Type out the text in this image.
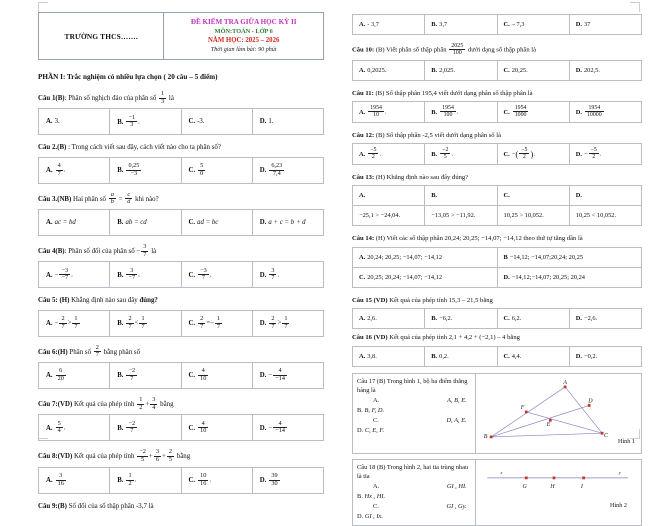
TRƯỜNG THCS…….	
ĐỀ KIỂM TRA GIỮA HỌC KỲ II
MÔN:TOÁN - LỚP 6
NĂM HỌC: 2025 – 2026
Thời gian làm bài: 90 phút
PHẦN I: Trắc nghiệm có nhiều lựa chọn ( 20 câu – 5 điểm)
Câu 1(B): Phân số nghịch đảo của phân số $\frac{1}{3}$ là
A. 3.	B. $\frac{-1}{3}$ .	C. -3.	D. 1.
Câu 2.(B) : Trong cách viết sau đây, cách viết nào cho ta phân số?
A. $\frac{4}{7}$ .	B. $\frac{0,25}{-3}$	C. $\frac{5}{0}$	D. $\frac{6,23}{7,4}$
Câu 3.(NB) Hai phân số $\frac{a}{b} = \frac{c}{d}$ khi nào?
A. ac = bd	B. ab = cd	C. ad = bc	D. a + c = b + d
Câu 4(B): Phân số đối của phân số − $\frac{3}{7}$ là
A. − $\frac{-3}{-7}$ .	B. $\frac{3}{-7}$ .	C. $\frac{-3}{7}$ .	D. $\frac{3}{7}$ .
Câu 5: (H) Khẳng định nào sau đây đúng?
A. − $\frac{2}{7} > \frac{1}{7}$	B. $\frac{2}{7} < \frac{1}{7}$	C. $\frac{2}{7} =- \frac{1}{7}$	D. $\frac{2}{7} > \frac{1}{7}$
Câu 6:(H) Phân số $\frac{2}{7}$ bằng phân số
A. $\frac{6}{20}$	B. $\frac{-2}{7}$	C. $\frac{4}{10}$	D. − $\frac{4}{-14}$
Câu 7:(VD) Kết quả của phép tính $\frac{1}{2} + \frac{3}{4}$ bằng
A. $\frac{5}{4}$ .	B. $\frac{-2}{7}$	C. $\frac{4}{10}$	D. − $\frac{4}{-14}$
Câu 8:(VD) Kết quả của phép tính $\frac{-2}{5} + \frac{3}{6} + \frac{2}{5}$ bằng
A. $\frac{3}{16}$	B. $\frac{1}{2}$ .	C. $\frac{10}{16}$ .	D. $\frac{39}{30}$
Câu 9:(B) Số đối của số thập phân -3,7 là
A. - 3,7	B. 3,7	C. – 7,3	D. 37
Câu 10: (B) Viết phân số thập phân $\frac{2025}{100}$ dưới dạng số thập phân là
A. 0,2025.	B. 2,025.	C. 20,25.	D. 202,5.
Câu 11: (B) Số thập phân 195,4 viết dưới dạng phân số thập phân là
A. $\frac{1954}{10}$ .	B. $\frac{1954}{100}$ .	C. $\frac{1954}{1000}$	D. $\frac{1954}{10000}$
Câu 12: (B) Số thập phân -2,5 viết dưới dạng phân số là
A. $\frac{-5}{2}$ .	B. $\frac{-2}{5}$ .	C. −( $\frac{-5}{2}$ ).	D. − $\frac{-5}{2}$ .
Câu 13: (H) Khẳng định nào sau đây đúng?
A.	B.	C.	D.
−25,1 > −24,04.	−13,05 > −11,92.	10,25 > 10,052.	10,25 < 10,052.
Câu 14: (H) Viết các số thập phân 20,24; 20,25; −14,07; −14,12 theo thứ tự tăng dần là
A. 20,24; 20,25; −14,07; −14,12	B −14,12; −14,07;20,24; 20,25
C. 20,25; 20,24; −14,07; −14,12	D. −14,12;−14,07; 20,25; 20,24
Câu 15 (VD) Kết quả của phép tính 15,3 – 21,5 bằng
A. 2,6.	B. −6,2.	C. 6,2.	D. −2,6.
Câu 16 (VD) Kết quả của phép tính 2,1 + 4,2 + (−2,1) – 4 bằng
A. 3,8.	B. 0,2.	C. 4,4.	D. −0,2.
Câu 17 (B) Trong hình 1, bộ ba điểm thẳng hàng là
A.	A, B, E.
B. B, F, D.
C.	D, A, E.
D. C, E, F.

A
F
D
E
B	C
Hình 1
Câu 18 (B) Trong hình 2, hai tia trùng nhau là tia
A.	GI , HI.
B. Hx , HI.
C.	GI , Gy.
D. GI , Ix.

x	y
G	H	I
Hình 2
